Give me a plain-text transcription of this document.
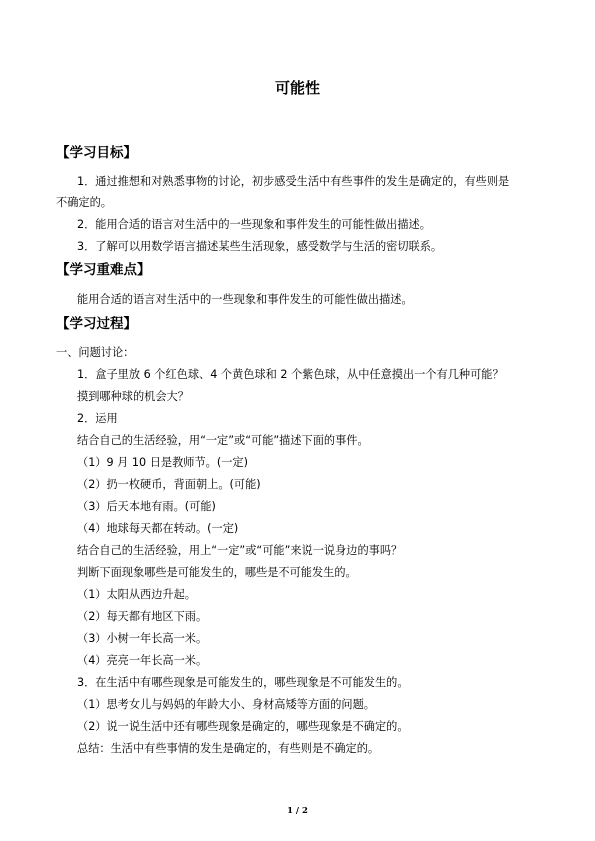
可能性
【学习目标】
1．通过推想和对熟悉事物的讨论，初步感受生活中有些事件的发生是确定的，有些则是
不确定的。
2．能用合适的语言对生活中的一些现象和事件发生的可能性做出描述。
3．了解可以用数学语言描述某些生活现象，感受数学与生活的密切联系。
【学习重难点】
能用合适的语言对生活中的一些现象和事件发生的可能性做出描述。
【学习过程】
一、问题讨论：
1．盒子里放 6 个红色球、4 个黄色球和 2 个紫色球，从中任意摸出一个有几种可能？
摸到哪种球的机会大？
2．运用
结合自己的生活经验，用“一定”或“可能”描述下面的事件。
（1）9 月 10 日是教师节。(一定)
（2）扔一枚硬币，背面朝上。(可能)
（3）后天本地有雨。(可能)
（4）地球每天都在转动。(一定)
结合自己的生活经验，用上“一定”或“可能”来说一说身边的事吗？
判断下面现象哪些是可能发生的，哪些是不可能发生的。
（1）太阳从西边升起。
（2）每天都有地区下雨。
（3）小树一年长高一米。
（4）亮亮一年长高一米。
3．在生活中有哪些现象是可能发生的，哪些现象是不可能发生的。
（1）思考女儿与妈妈的年龄大小、身材高矮等方面的问题。
（2）说一说生活中还有哪些现象是确定的，哪些现象是不确定的。
总结：生活中有些事情的发生是确定的，有些则是不确定的。
1 / 2
